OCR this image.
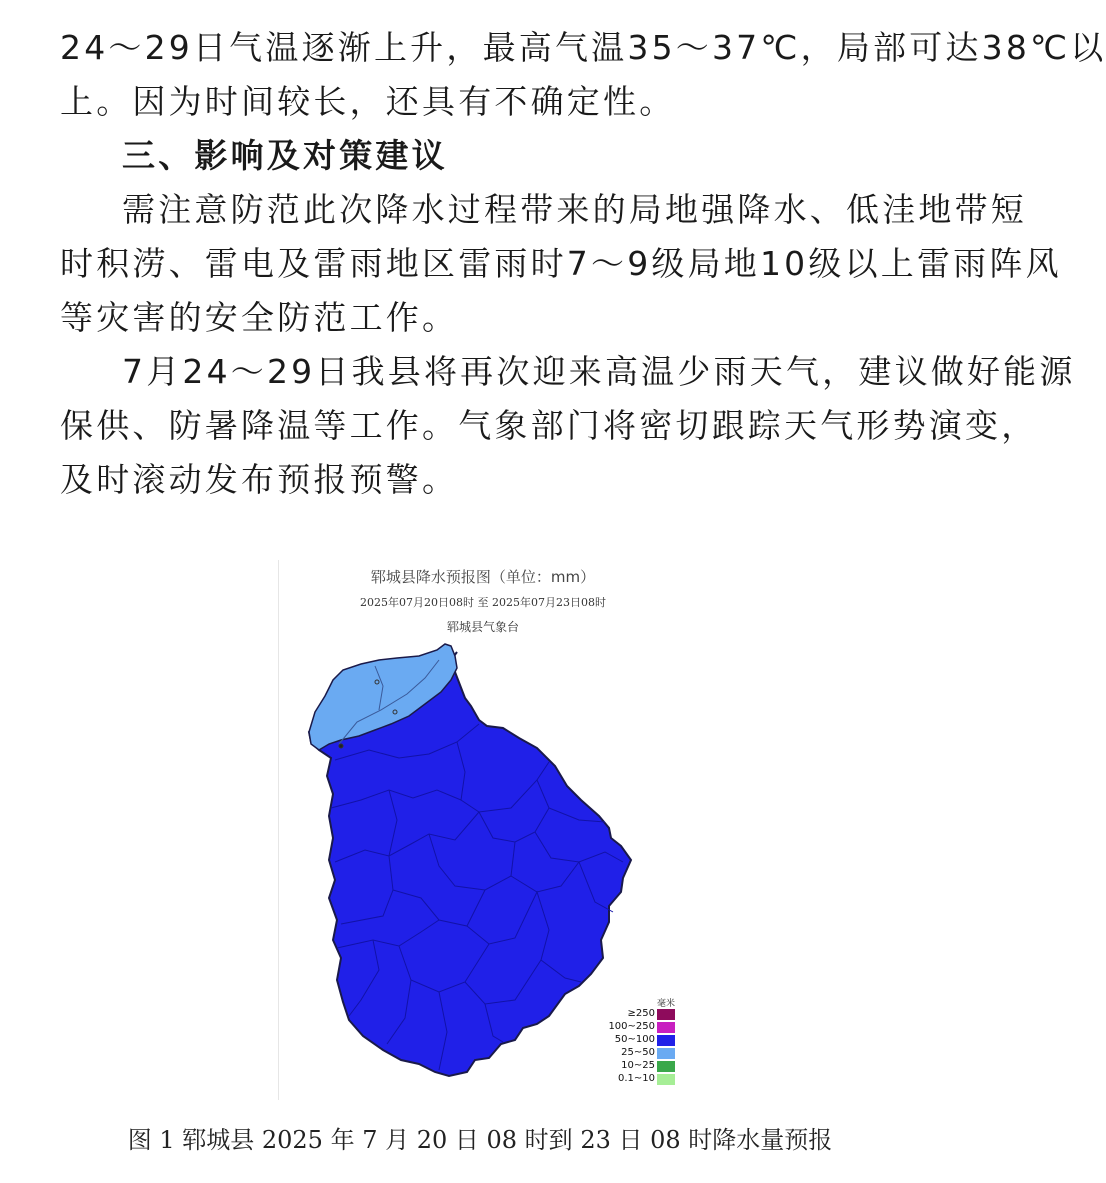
24～29日气温逐渐上升，最高气温35～37℃，局部可达38℃以
上。因为时间较长，还具有不确定性。
三、影响及对策建议
需注意防范此次降水过程带来的局地强降水、低洼地带短
时积涝、雷电及雷雨地区雷雨时7～9级局地10级以上雷雨阵风
等灾害的安全防范工作。
7月24～29日我县将再次迎来高温少雨天气，建议做好能源
保供、防暑降温等工作。气象部门将密切跟踪天气形势演变，
及时滚动发布预报预警。
郓城县降水预报图（单位：mm）
2025年07月20日08时 至 2025年07月23日08时
郓城县气象台
毫米
≥250
100~250
50~100
25~50
10~25
0.1~10
图 1 郓城县 2025 年 7 月 20 日 08 时到 23 日 08 时降水量预报
